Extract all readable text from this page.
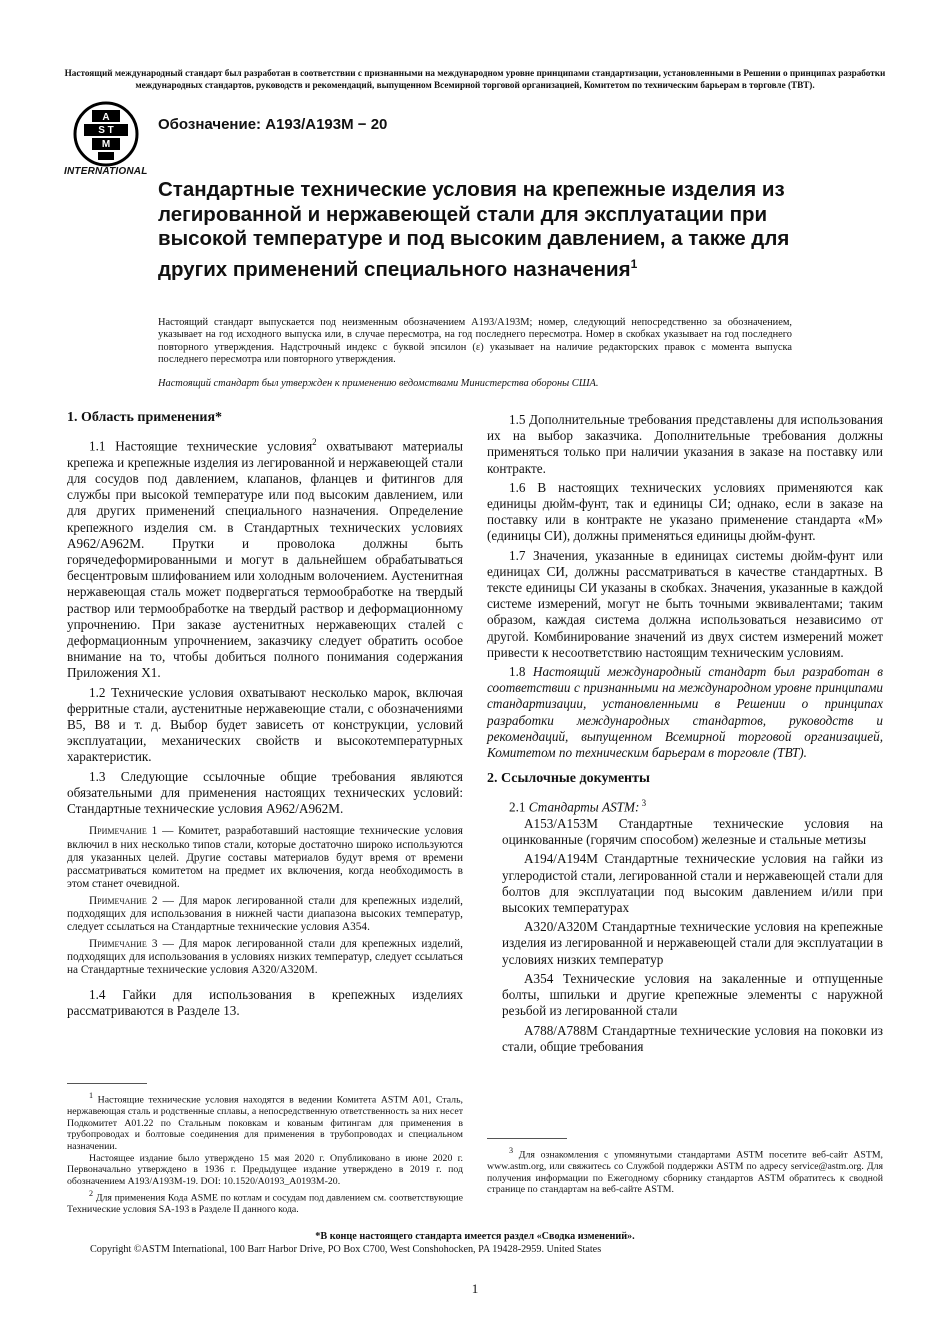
Настоящий международный стандарт был разработан в соответствии с признанными на международном уровне принципами стандартизации, установленными в Решении о принципах разработки международных стандартов, руководств и рекомендаций, выпущенном Всемирной торговой организацией, Комитетом по техническим барьерам в торговле (ТВТ).
A
S T
M
INTERNATIONAL
Обозначение: A193/A193M − 20
Стандартные технические условия на крепежные изделия из легированной и нержавеющей стали для эксплуатации при высокой температуре и под высоким давлением, а также для других применений специального назначения$^1$
Настоящий стандарт выпускается под неизменным обозначением A193/A193M; номер, следующий непосредственно за обозначением, указывает на год исходного выпуска или, в случае пересмотра, на год последнего пересмотра. Номер в скобках указывает на год последнего повторного утверждения. Надстрочный индекс с буквой эпсилон (ε) указывает на наличие редакторских правок с момента выпуска последнего пересмотра или повторного утверждения.
Настоящий стандарт был утвержден к применению ведомствами Министерства обороны США.
1. Область применения*

1.1 Настоящие технические условия$^2$ охватывают материалы крепежа и крепежные изделия из легированной и нержавеющей стали для сосудов под давлением, клапанов, фланцев и фитингов для службы при высокой температуре или под высоким давлением, или для других применений специального назначения. Определение крепежного изделия см. в Стандартных технических условиях A962/A962M. Прутки и проволока должны быть горячедеформированными и могут в дальнейшем обрабатываться бесцентровым шлифованием или холодным волочением. Аустенитная нержавеющая сталь может подвергаться термообработке на твердый раствор или термообработке на твердый раствор и деформационному упрочнению. При заказе аустенитных нержавеющих сталей с деформационным упрочнением, заказчику следует обратить особое внимание на то, чтобы добиться полного понимания содержания Приложения X1.

1.2 Технические условия охватывают несколько марок, включая ферритные стали, аустенитные нержавеющие стали, с обозначениями B5, B8 и т. д. Выбор будет зависеть от конструкции, условий эксплуатации, механических свойств и высокотемпературных характеристик.

1.3 Следующие ссылочные общие требования являются обязательными для применения настоящих технических условий: Стандартные технические условия A962/A962M.

Примечание 1 — Комитет, разработавший настоящие технические условия включил в них несколько типов стали, которые достаточно широко используются для указанных целей. Другие составы материалов будут время от времени рассматриваться комитетом на предмет их включения, когда необходимость в этом станет очевидной.

Примечание 2 — Для марок легированной стали для крепежных изделий, подходящих для использования в нижней части диапазона высоких температур, следует ссылаться на Стандартные технические условия A354.

Примечание 3 — Для марок легированной стали для крепежных изделий, подходящих для использования в условиях низких температур, следует ссылаться на Стандартные технические условия A320/A320M.

1.4 Гайки для использования в крепежных изделиях рассматриваются в Разделе 13.

$^1$ Настоящие технические условия находятся в ведении Комитета ASTM A01, Сталь, нержавеющая сталь и родственные сплавы, а непосредственную ответственность за них несет Подкомитет A01.22 по Стальным поковкам и кованым фитингам для применения в трубопроводах и болтовые соединения для применения в трубопроводах и специальном назначении.

Настоящее издание было утверждено 15 мая 2020 г. Опубликовано в июне 2020 г. Первоначально утверждено в 1936 г. Предыдущее издание утверждено в 2019 г. под обозначением A193/A193M-19. DOI: 10.1520/A0193_A0193M-20.

$^2$ Для применения Кода ASME по котлам и сосудам под давлением см. соответствующие Технические условия SA-193 в Разделе II данного кода.

1.5 Дополнительные требования представлены для использования их на выбор заказчика. Дополнительные требования должны применяться только при наличии указания в заказе на поставку или контракте.

1.6 В настоящих технических условиях применяются как единицы дюйм-фунт, так и единицы СИ; однако, если в заказе на поставку или в контракте не указано применение стандарта «M» (единицы СИ), должны применяться единицы дюйм-фунт.

1.7 Значения, указанные в единицах системы дюйм-фунт или единицах СИ, должны рассматриваться в качестве стандартных. В тексте единицы СИ указаны в скобках. Значения, указанные в каждой системе измерений, могут не быть точными эквивалентами; таким образом, каждая система должна использоваться независимо от другой. Комбинирование значений из двух систем измерений может привести к несоответствию настоящим техническим условиям.

1.8 Настоящий международный стандарт был разработан в соответствии с признанными на международном уровне принципами стандартизации, установленными в Решении о принципах разработки международных стандартов, руководств и рекомендаций, выпущенном Всемирной торговой организацией, Комитетом по техническим барьерам в торговле (ТВТ).

2. Ссылочные документы

2.1 Стандарты ASTM: $^3$

A153/A153M Стандартные технические условия на оцинкованные (горячим способом) железные и стальные метизы

A194/A194M Стандартные технические условия на гайки из углеродистой стали, легированной стали и нержавеющей стали для болтов для эксплуатации под высоким давлением и/или при высоких температурах

A320/A320M Стандартные технические условия на крепежные изделия из легированной и нержавеющей стали для эксплуатации в условиях низких температур

A354 Технические условия на закаленные и отпущенные болты, шпильки и другие крепежные элементы с наружной резьбой из легированной стали

A788/A788M Стандартные технические условия на поковки из стали, общие требования

$^3$ Для ознакомления с упомянутыми стандартами ASTM посетите веб-сайт ASTM, www.astm.org, или свяжитесь со Службой поддержки ASTM по адресу service@astm.org. Для получения информации по Ежегодному сборнику стандартов ASTM обратитесь к сводной странице по стандартам на веб-сайте ASTM.

*В конце настоящего стандарта имеется раздел «Сводка изменений».
Copyright ©ASTM International, 100 Barr Harbor Drive, PO Box C700, West Conshohocken, PA 19428-2959. United States
1
